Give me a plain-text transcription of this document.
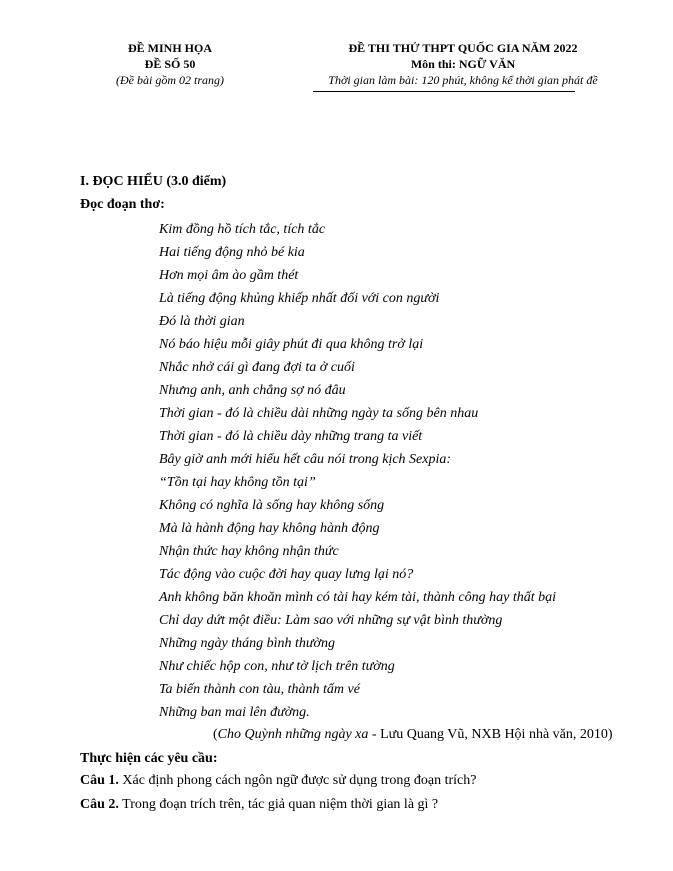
ĐỀ MINH HỌA
ĐỀ SỐ 50
(Đề bài gồm 02 trang)
ĐỀ THI THỬ THPT QUỐC GIA NĂM 2022
Môn thi: NGỮ VĂN
Thời gian làm bài: 120 phút, không kể thời gian phát đề
I. ĐỌC HIỂU (3.0 điểm)
Đọc đoạn thơ:
Kim đồng hồ tích tắc, tích tắc
Hai tiếng động nhỏ bé kia
Hơn mọi âm ào gầm thét
Là tiếng động khủng khiếp nhất đối với con người
Đó là thời gian
Nó báo hiệu mỗi giây phút đi qua không trở lại
Nhắc nhở cái gì đang đợi ta ở cuối
Nhưng anh, anh chẳng sợ nó đâu
Thời gian - đó là chiều dài những ngày ta sống bên nhau
Thời gian - đó là chiều dày những trang ta viết
Bây giờ anh mới hiểu hết câu nói trong kịch Sexpia:
“Tồn tại hay không tồn tại”
Không có nghĩa là sống hay không sống
Mà là hành động hay không hành động
Nhận thức hay không nhận thức
Tác động vào cuộc đời hay quay lưng lại nó?
Anh không băn khoăn mình có tài hay kém tài, thành công hay thất bại
Chỉ day dứt một điều: Làm sao với những sự vật bình thường
Những ngày tháng bình thường
Như chiếc hộp con, như tờ lịch trên tường
Ta biến thành con tàu, thành tấm vé
Những ban mai lên đường.
(Cho Quỳnh những ngày xa - Lưu Quang Vũ, NXB Hội nhà văn, 2010)
Thực hiện các yêu cầu:
Câu 1. Xác định phong cách ngôn ngữ được sử dụng trong đoạn trích?
Câu 2. Trong đoạn trích trên, tác giả quan niệm thời gian là gì ?
